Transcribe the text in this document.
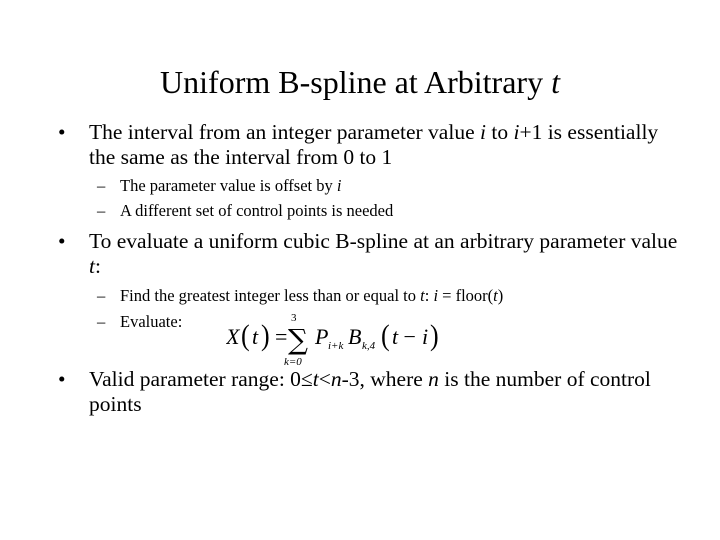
Uniform B-spline at Arbitrary t
• The interval from an integer parameter value i to i+1 is essentially the same as the interval from 0 to 1
– The parameter value is offset by i
– A different set of control points is needed
• To evaluate a uniform cubic B-spline at an arbitrary parameter value t:
– Find the greatest integer less than or equal to t: i = floor(t)
– Evaluate:
X ( t ) =
3
∑
k=0
P i+k B k,4 ( t − i )
• Valid parameter range: 0≤t<n-3, where n is the number of control points
